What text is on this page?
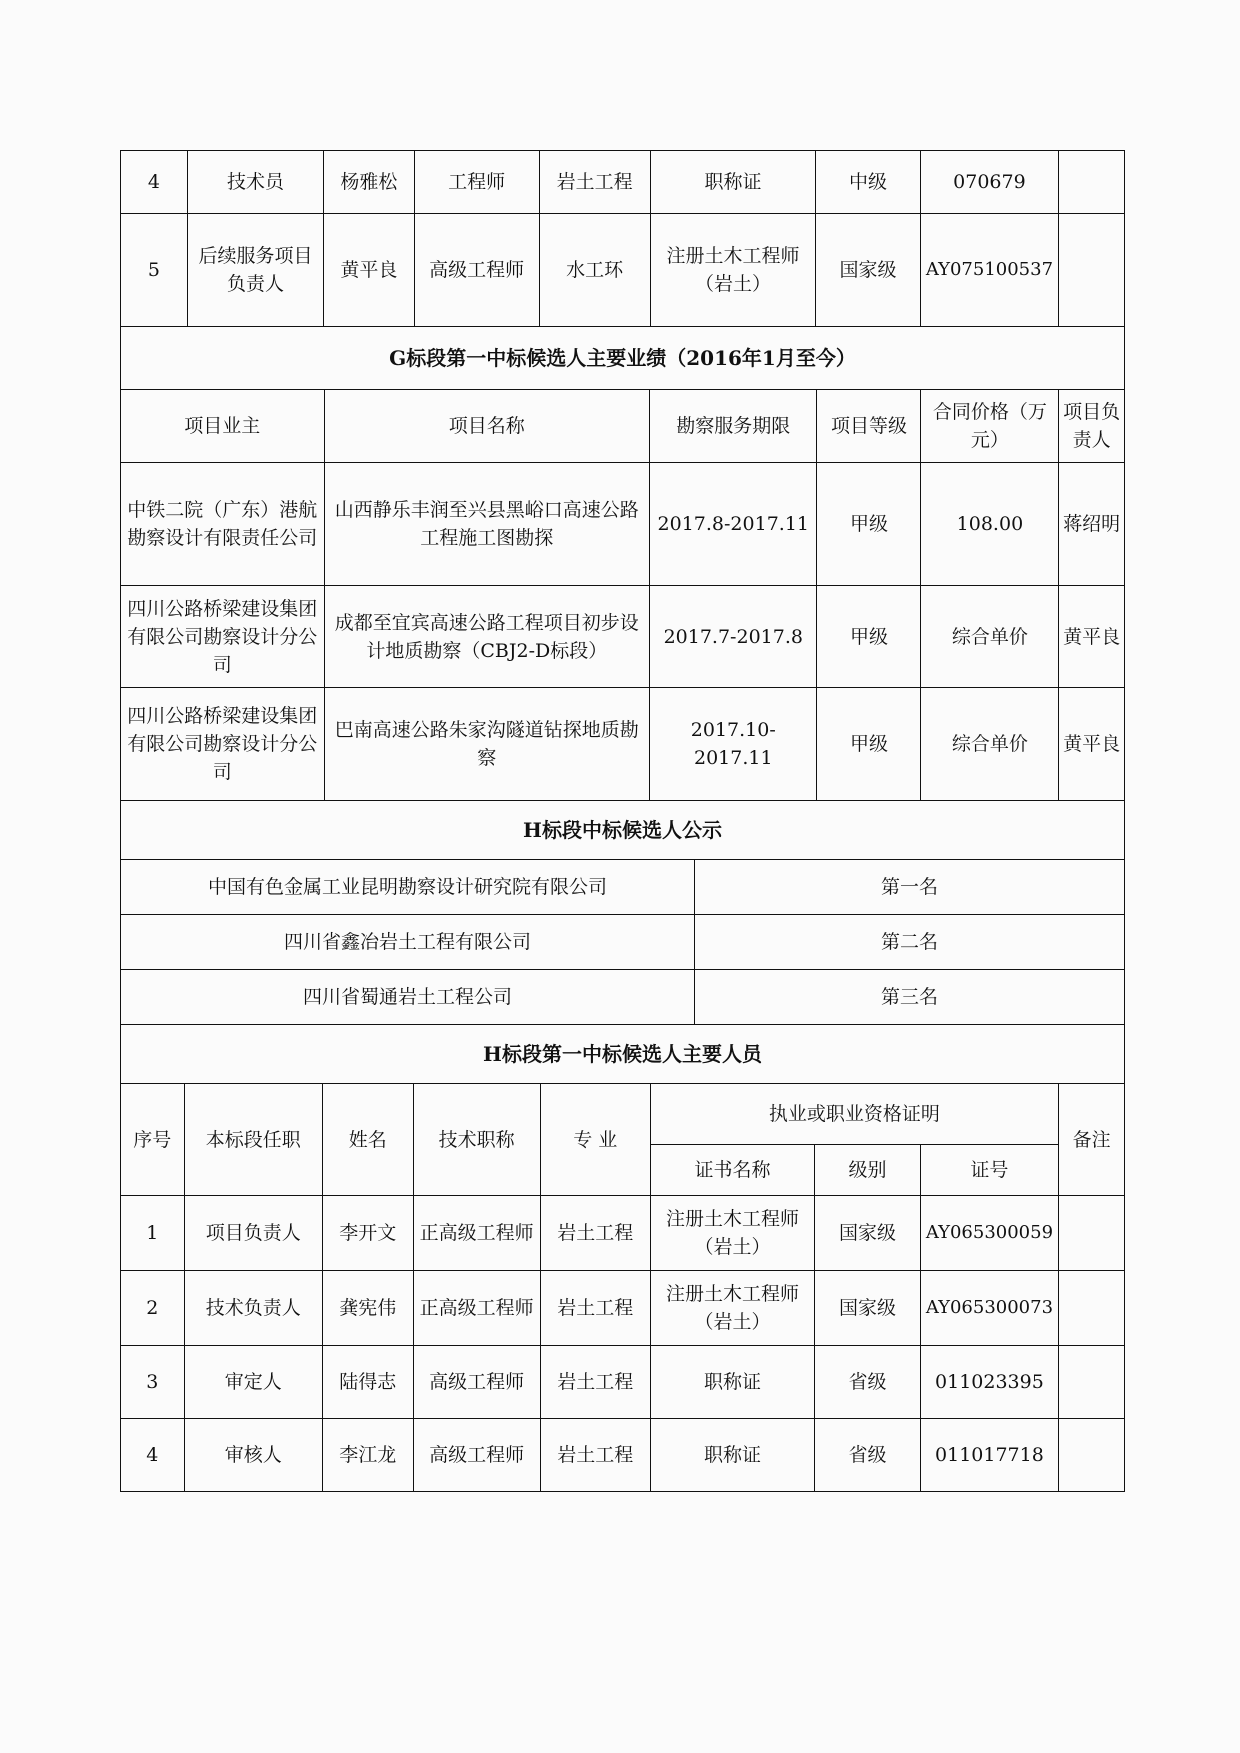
4	技术员	杨雅松	工程师	岩土工程	职称证	中级	070679	
5	后续服务项目负责人	黄平良	高级工程师	水工环	注册土木工程师（岩土）	国家级	AY075100537	
G标段第一中标候选人主要业绩（2016年1月至今）
项目业主	项目名称	勘察服务期限	项目等级	合同价格（万元）	项目负责人
中铁二院（广东）港航勘察设计有限责任公司	山西静乐丰润至兴县黑峪口高速公路工程施工图勘探	2017.8-2017.11	甲级	108.00	蒋绍明
四川公路桥梁建设集团有限公司勘察设计分公司	成都至宜宾高速公路工程项目初步设计地质勘察（CBJ2-D标段）	2017.7-2017.8	甲级	综合单价	黄平良
四川公路桥梁建设集团有限公司勘察设计分公司	巴南高速公路朱家沟隧道钻探地质勘察	2017.10-2017.11	甲级	综合单价	黄平良
H标段中标候选人公示
中国有色金属工业昆明勘察设计研究院有限公司	第一名
四川省鑫冶岩土工程有限公司	第二名
四川省蜀通岩土工程公司	第三名
H标段第一中标候选人主要人员
序号	本标段任职	姓名	技术职称	专 业	执业或职业资格证明			备注
					证书名称	级别	证号	
1	项目负责人	李开文	正高级工程师	岩土工程	注册土木工程师（岩土）	国家级	AY065300059	
2	技术负责人	龚宪伟	正高级工程师	岩土工程	注册土木工程师（岩土）	国家级	AY065300073	
3	审定人	陆得志	高级工程师	岩土工程	职称证	省级	011023395	
4	审核人	李江龙	高级工程师	岩土工程	职称证	省级	011017718	
